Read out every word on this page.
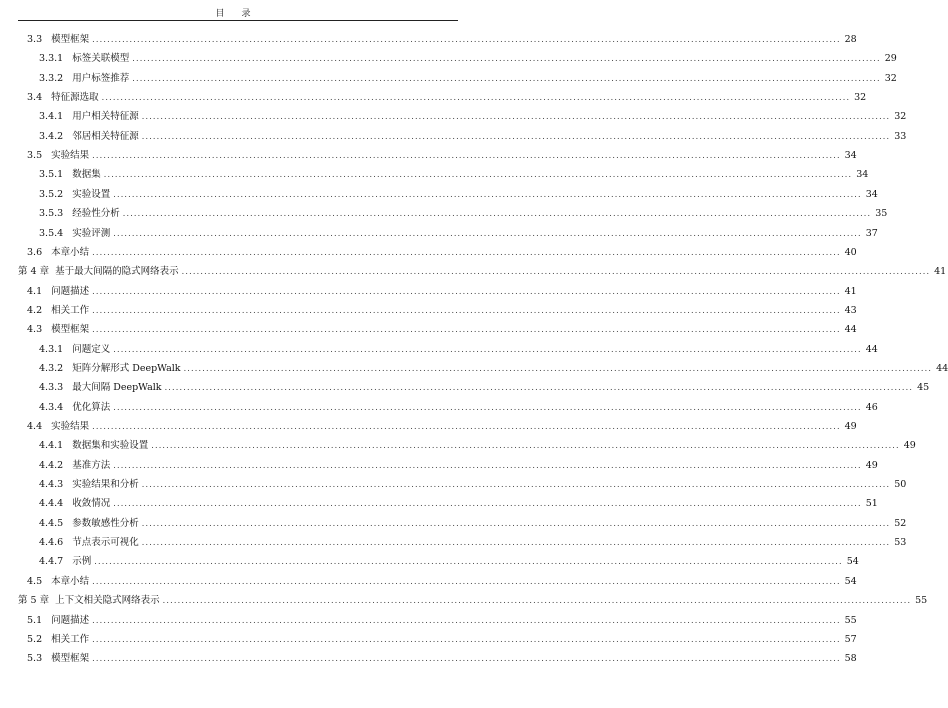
目　录
3.3 模型框架 ........................................................................................................................................................................................................ 28
3.3.1 标签关联模型 ........................................................................................................................................................................................................ 29
3.3.2 用户标签推荐 ........................................................................................................................................................................................................ 32
3.4 特征源选取 ........................................................................................................................................................................................................ 32
3.4.1 用户相关特征源 ........................................................................................................................................................................................................ 32
3.4.2 邻居相关特征源 ........................................................................................................................................................................................................ 33
3.5 实验结果 ........................................................................................................................................................................................................ 34
3.5.1 数据集 ........................................................................................................................................................................................................ 34
3.5.2 实验设置 ........................................................................................................................................................................................................ 34
3.5.3 经验性分析 ........................................................................................................................................................................................................ 35
3.5.4 实验评测 ........................................................................................................................................................................................................ 37
3.6 本章小结 ........................................................................................................................................................................................................ 40
第 4 章 基于最大间隔的隐式网络表示 ........................................................................................................................................................................................................ 41
4.1 问题描述 ........................................................................................................................................................................................................ 41
4.2 相关工作 ........................................................................................................................................................................................................ 43
4.3 模型框架 ........................................................................................................................................................................................................ 44
4.3.1 问题定义 ........................................................................................................................................................................................................ 44
4.3.2 矩阵分解形式 DeepWalk ........................................................................................................................................................................................................ 44
4.3.3 最大间隔 DeepWalk ........................................................................................................................................................................................................ 45
4.3.4 优化算法 ........................................................................................................................................................................................................ 46
4.4 实验结果 ........................................................................................................................................................................................................ 49
4.4.1 数据集和实验设置 ........................................................................................................................................................................................................ 49
4.4.2 基准方法 ........................................................................................................................................................................................................ 49
4.4.3 实验结果和分析 ........................................................................................................................................................................................................ 50
4.4.4 收敛情况 ........................................................................................................................................................................................................ 51
4.4.5 参数敏感性分析 ........................................................................................................................................................................................................ 52
4.4.6 节点表示可视化 ........................................................................................................................................................................................................ 53
4.4.7 示例 ........................................................................................................................................................................................................ 54
4.5 本章小结 ........................................................................................................................................................................................................ 54
第 5 章 上下文相关隐式网络表示 ........................................................................................................................................................................................................ 55
5.1 问题描述 ........................................................................................................................................................................................................ 55
5.2 相关工作 ........................................................................................................................................................................................................ 57
5.3 模型框架 ........................................................................................................................................................................................................ 58
